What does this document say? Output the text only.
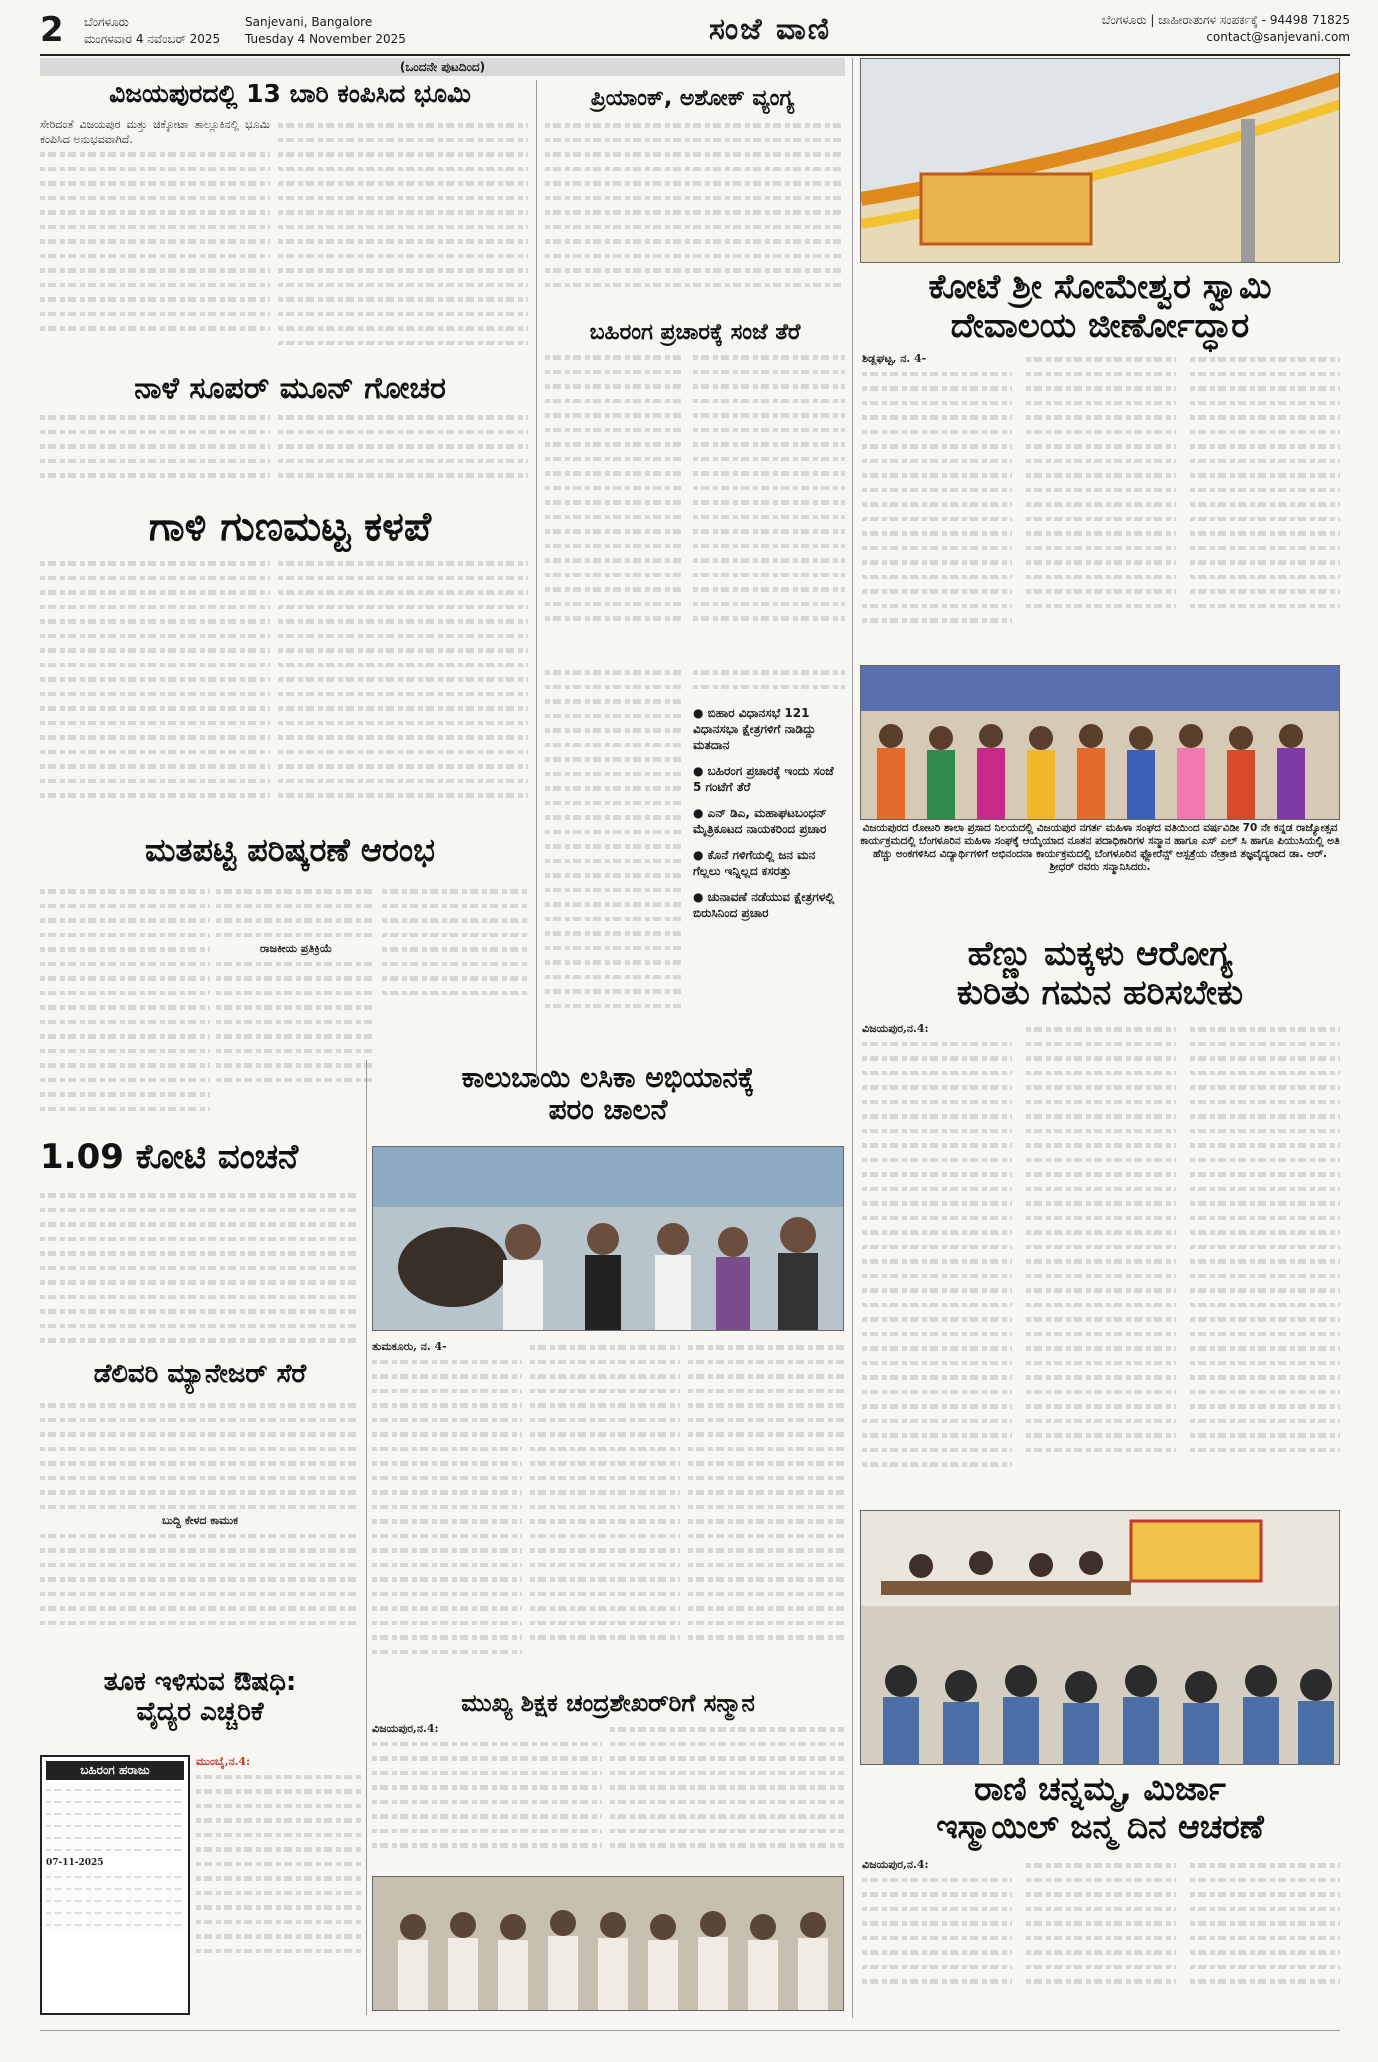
2 ಬೆಂಗಳೂರು
ಮಂಗಳವಾರ 4 ನವೆಂಬರ್ 2025
Sanjevani, Bangalore
Tuesday 4 November 2025	ಸಂಜೆ ವಾಣಿ	ಬೆಂಗಳೂರು | ಜಾಹೀರಾತುಗಳ ಸಂಪರ್ಕಕ್ಕೆ - 94498 71825
contact@sanjevani.com
(ಒಂದನೇ ಪುಟದಿಂದ)
ವಿಜಯಪುರದಲ್ಲಿ 13 ಬಾರಿ ಕಂಪಿಸಿದ ಭೂಮಿ
ಸೇರಿದಂತೆ ವಿಜಯಪುರ ಮತ್ತು ಚಿಕ್ಕೋಟಾ ತಾಲ್ಲೂಕಿನಲ್ಲಿ ಭೂಮಿ ಕಂಪಿಸಿದ ಅನುಭವವಾಗಿದೆ.
ನಾಳೆ ಸೂಪರ್ ಮೂನ್ ಗೋಚರ
ಗಾಳಿ ಗುಣಮಟ್ಟ ಕಳಪೆ
ಮತಪಟ್ಟಿ ಪರಿಷ್ಕರಣೆ ಆರಂಭ
ರಾಜಕೀಯ ಪ್ರತಿಕ್ರಿಯೆ
1.09 ಕೋಟಿ ವಂಚನೆ
ಡೆಲಿವರಿ ಮ್ಯಾನೇಜರ್ ಸೆರೆ
ಬುದ್ದಿ ಕೇಳದ ಕಾಮುಕ
ತೂಕ ಇಳಿಸುವ ಔಷಧಿ:
ವೈದ್ಯರ ಎಚ್ಚರಿಕೆ
ಬಹಿರಂಗ ಹರಾಜು
07-11-2025
ಮುಂಬೈ,ನ.4:
ಪ್ರಿಯಾಂಕ್, ಅಶೋಕ್ ವ್ಯಂಗ್ಯ
ಬಹಿರಂಗ ಪ್ರಚಾರಕ್ಕೆ ಸಂಜೆ ತೆರೆ
● ಬಿಹಾರ ವಿಧಾನಸಭೆ 121 ವಿಧಾನಸಭಾ ಕ್ಷೇತ್ರಗಳಿಗೆ ನಾಡಿದ್ದು ಮತದಾನ
● ಬಹಿರಂಗ ಪ್ರಚಾರಕ್ಕೆ ಇಂದು ಸಂಜೆ 5 ಗಂಟೆಗೆ ತೆರೆ
● ಎನ್ ಡಿಎ, ಮಹಾಘಟಬಂಧನ್ ಮೈತ್ರಿಕೂಟದ ನಾಯಕರಿಂದ ಪ್ರಚಾರ
● ಕೊನೆ ಗಳಿಗೆಯಲ್ಲಿ ಜನ ಮನ ಗೆಲ್ಲಲು ಇನ್ನಿಲ್ಲದ ಕಸರತ್ತು
● ಚುನಾವಣೆ ನಡೆಯುವ ಕ್ಷೇತ್ರಗಳಲ್ಲಿ ಬಿರುಸಿನಿಂದ ಪ್ರಚಾರ
ಕಾಲುಬಾಯಿ ಲಸಿಕಾ ಅಭಿಯಾನಕ್ಕೆ
ಪರಂ ಚಾಲನೆ
ತುಮಕೂರು, ನ. 4-
ಮುಖ್ಯ ಶಿಕ್ಷಕ ಚಂದ್ರಶೇಖರ್‌ರಿಗೆ ಸನ್ಮಾನ
ವಿಜಯಪುರ,ನ.4:
ಕೋಟೆ ಶ್ರೀ ಸೋಮೇಶ್ವರ ಸ್ವಾಮಿ
ದೇವಾಲಯ ಜೀರ್ಣೋದ್ಧಾರ
ಶಿಡ್ಲಘಟ್ಟ, ನ. 4-
ವಿಜಯಪುರದ ರೋಟರಿ ಶಾಲಾ ಪ್ರಸಾದ ನಿಲಯದಲ್ಲಿ ವಿಜಯಪುರ ನಗರ್ತ ಮಹಿಳಾ ಸಂಘದ ವತಿಯಿಂದ ವರ್ಷವಿಡೀ 70 ನೇ ಕನ್ನಡ ರಾಜ್ಯೋತ್ಸವ ಕಾರ್ಯಕ್ರಮದಲ್ಲಿ ಬೆಂಗಳೂರಿನ ಮಹಿಳಾ ಸಂಘಕ್ಕೆ ಆಯ್ಕೆಯಾದ ನೂತನ ಪದಾಧಿಕಾರಿಗಳ ಸನ್ಮಾನ ಹಾಗೂ ಎಸ್ ಎಲ್ ಸಿ ಹಾಗೂ ಪಿಯುಸಿಯಲ್ಲಿ ಅತಿ ಹೆಚ್ಚು ಅಂಕಗಳಿಸಿದ ವಿದ್ಯಾರ್ಥಿಗಳಿಗೆ ಅಭಿನಂದನಾ ಕಾರ್ಯಕ್ರಮದಲ್ಲಿ ಬೆಂಗಳೂರಿನ ಫ್ಲೋರೆನ್ಸ್ ಆಸ್ಪತ್ರೆಯ ನೇತ್ರಾಜಿ ತಜ್ಞವೈದ್ಯರಾದ ಡಾ. ಆರ್. ಶ್ರೀಧರ್ ರವರು ಸನ್ಮಾನಿಸಿದರು.
ಹೆಣ್ಣು ಮಕ್ಕಳು ಆರೋಗ್ಯ
ಕುರಿತು ಗಮನ ಹರಿಸಬೇಕು
ವಿಜಯಪುರ,ನ.4:
ರಾಣಿ ಚನ್ನಮ್ಮ, ಮಿರ್ಜಾ
ಇಸ್ಮಾಯಿಲ್ ಜನ್ಮ ದಿನ ಆಚರಣೆ
ವಿಜಯಪುರ,ನ.4:
